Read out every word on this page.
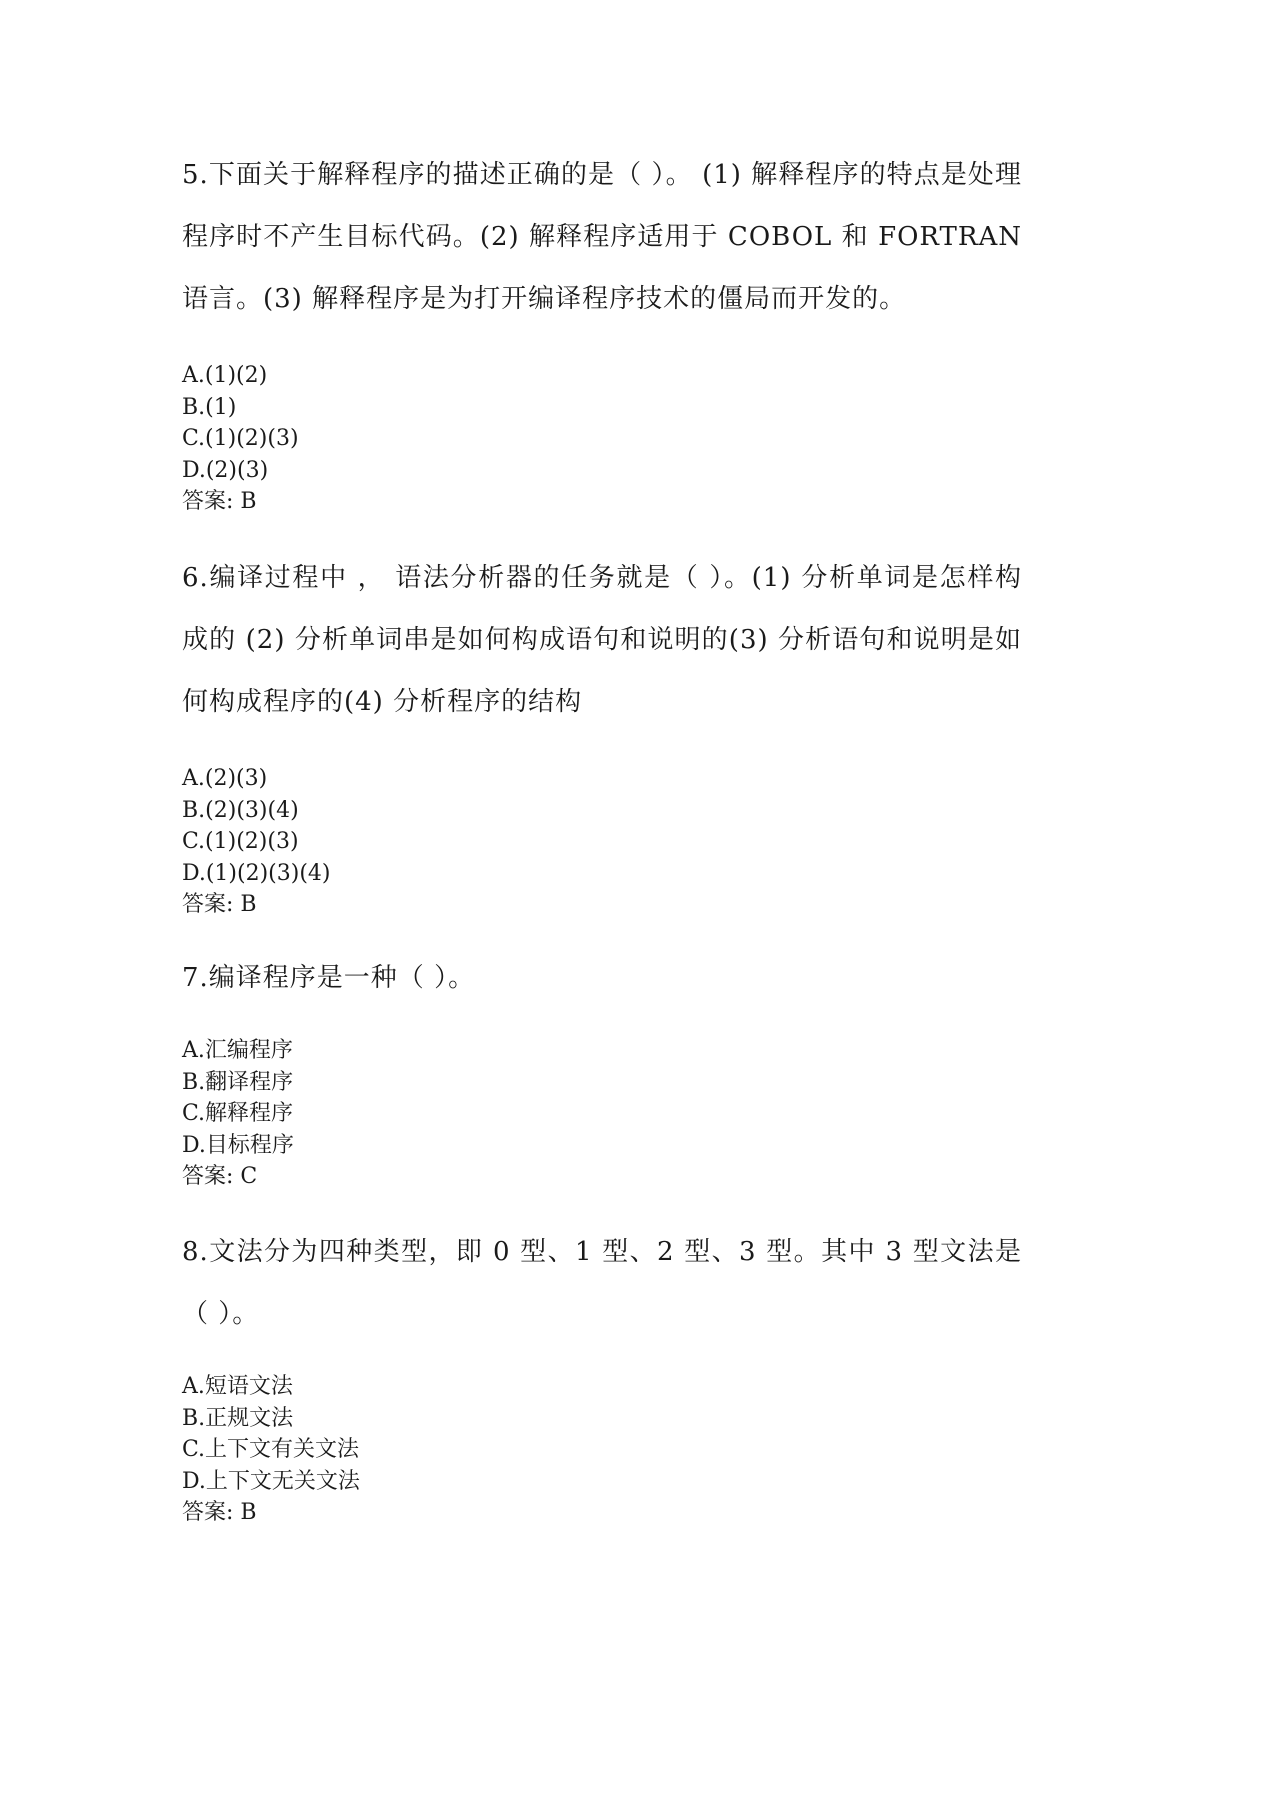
5.下面关于解释程序的描述正确的是（ ）。 (1) 解释程序的特点是处理程序时不产生目标代码。(2) 解释程序适用于 COBOL 和 FORTRAN 语言。(3) 解释程序是为打开编译程序技术的僵局而开发的。

A.(1)(2)
B.(1)
C.(1)(2)(3)
D.(2)(3)

答案: B

6.编译过程中 ， 语法分析器的任务就是（ ）。(1) 分析单词是怎样构成的 (2) 分析单词串是如何构成语句和说明的(3) 分析语句和说明是如何构成程序的(4) 分析程序的结构

A.(2)(3)
B.(2)(3)(4)
C.(1)(2)(3)
D.(1)(2)(3)(4)

答案: B

7.编译程序是一种（ ）。

A.汇编程序
B.翻译程序
C.解释程序
D.目标程序

答案: C

8.文法分为四种类型，即 0 型、1 型、2 型、3 型。其中 3 型文法是（ ）。

A.短语文法
B.正规文法
C.上下文有关文法
D.上下文无关文法

答案: B
